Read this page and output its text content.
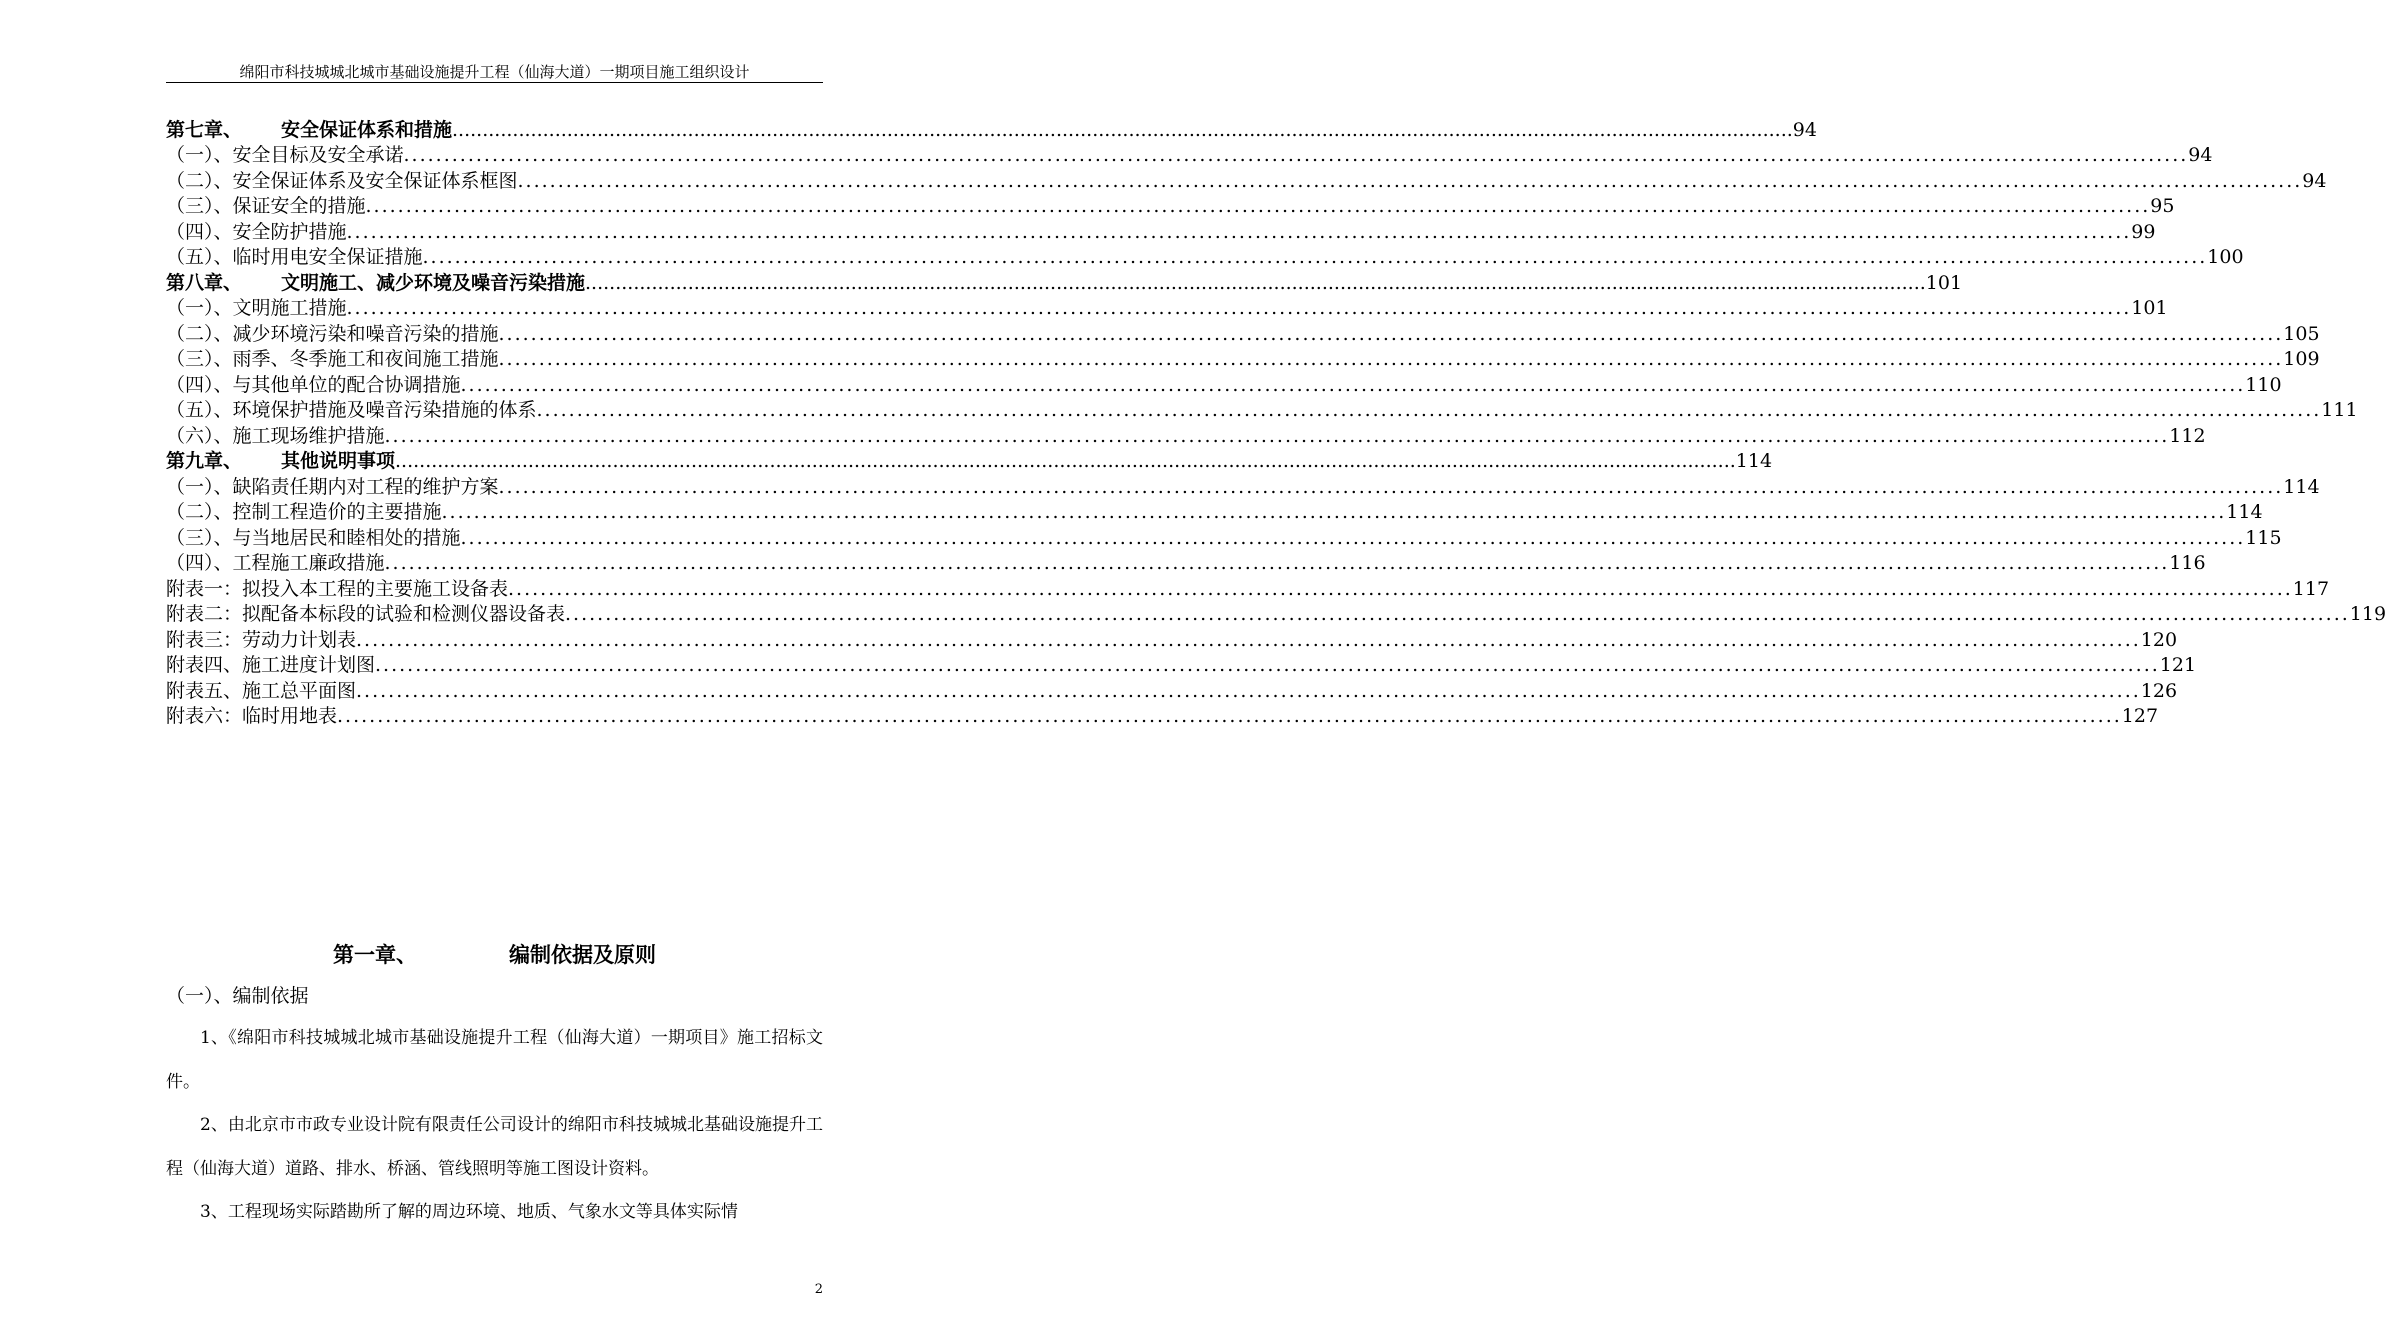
绵阳市科技城城北城市基础设施提升工程（仙海大道）一期项目施工组织设计
第七章、 安全保证体系和措施 .............................................................................................................................................................................................................................. 94
（一）、安全目标及安全承诺 .............................................................................................................................................................................................................................. 94
（二）、安全保证体系及安全保证体系框图 .............................................................................................................................................................................................................................. 94
（三）、保证安全的措施 .............................................................................................................................................................................................................................. 95
（四）、安全防护措施 .............................................................................................................................................................................................................................. 99
（五）、临时用电安全保证措施 .............................................................................................................................................................................................................................. 100
第八章、 文明施工、减少环境及噪音污染措施 .............................................................................................................................................................................................................................. 101
（一）、文明施工措施 .............................................................................................................................................................................................................................. 101
（二）、减少环境污染和噪音污染的措施 .............................................................................................................................................................................................................................. 105
（三）、雨季、冬季施工和夜间施工措施 .............................................................................................................................................................................................................................. 109
（四）、与其他单位的配合协调措施 .............................................................................................................................................................................................................................. 110
（五）、环境保护措施及噪音污染措施的体系 .............................................................................................................................................................................................................................. 111
（六）、施工现场维护措施 .............................................................................................................................................................................................................................. 112
第九章、 其他说明事项 .............................................................................................................................................................................................................................. 114
（一）、缺陷责任期内对工程的维护方案 .............................................................................................................................................................................................................................. 114
（二）、控制工程造价的主要措施 .............................................................................................................................................................................................................................. 114
（三）、与当地居民和睦相处的措施 .............................................................................................................................................................................................................................. 115
（四）、工程施工廉政措施 .............................................................................................................................................................................................................................. 116
附表一：拟投入本工程的主要施工设备表 .............................................................................................................................................................................................................................. 117
附表二：拟配备本标段的试验和检测仪器设备表 .............................................................................................................................................................................................................................. 119
附表三：劳动力计划表 .............................................................................................................................................................................................................................. 120
附表四、施工进度计划图 .............................................................................................................................................................................................................................. 121
附表五、施工总平面图 .............................................................................................................................................................................................................................. 126
附表六：临时用地表 .............................................................................................................................................................................................................................. 127
第一章、	编制依据及原则
（一）、编制依据

1、《绵阳市科技城城北城市基础设施提升工程（仙海大道）一期项目》施工招标文件。

2、由北京市市政专业设计院有限责任公司设计的绵阳市科技城城北基础设施提升工程（仙海大道）道路、排水、桥涵、管线照明等施工图设计资料。

3、工程现场实际踏勘所了解的周边环境、地质、气象水文等具体实际情

2
